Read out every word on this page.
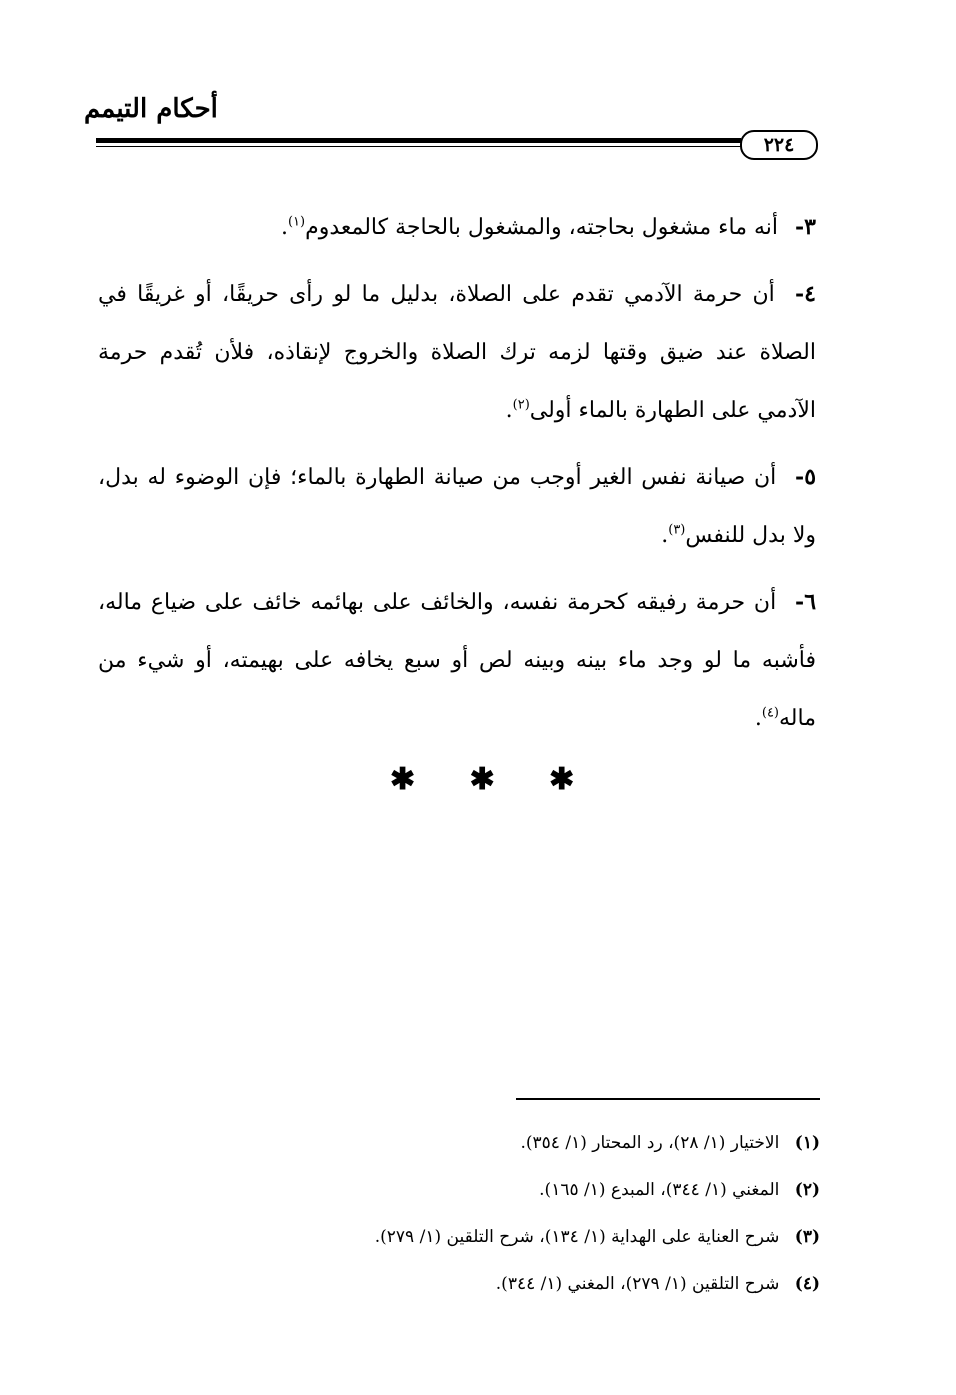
أحكام التيمم
٢٢٤

٣- أنه ماء مشغول بحاجته، والمشغول بالحاجة كالمعدوم$^{(١)}$.

٤- أن حرمة الآدمي تقدم على الصلاة، بدليل ما لو رأى حريقًا، أو غريقًا في الصلاة عند ضيق وقتها لزمه ترك الصلاة والخروج لإنقاذه، فلأن تُقدم حرمة الآدمي على الطهارة بالماء أولى$^{(٢)}$.

٥- أن صيانة نفس الغير أوجب من صيانة الطهارة بالماء؛ فإن الوضوء له بدل، ولا بدل للنفس$^{(٣)}$.

٦- أن حرمة رفيقه كحرمة نفسه، والخائف على بهائمه خائف على ضياع ماله، فأشبه ما لو وجد ماء بينه وبينه لص أو سبع يخافه على بهيمته، أو شيء من ماله$^{(٤)}$.

✱ ✱ ✱
(١) الاختيار (١/ ٢٨)، رد المحتار (١/ ٣٥٤).
(٢) المغني (١/ ٣٤٤)، المبدع (١/ ١٦٥).
(٣) شرح العناية على الهداية (١/ ١٣٤)، شرح التلقين (١/ ٢٧٩).
(٤) شرح التلقين (١/ ٢٧٩)، المغني (١/ ٣٤٤).
